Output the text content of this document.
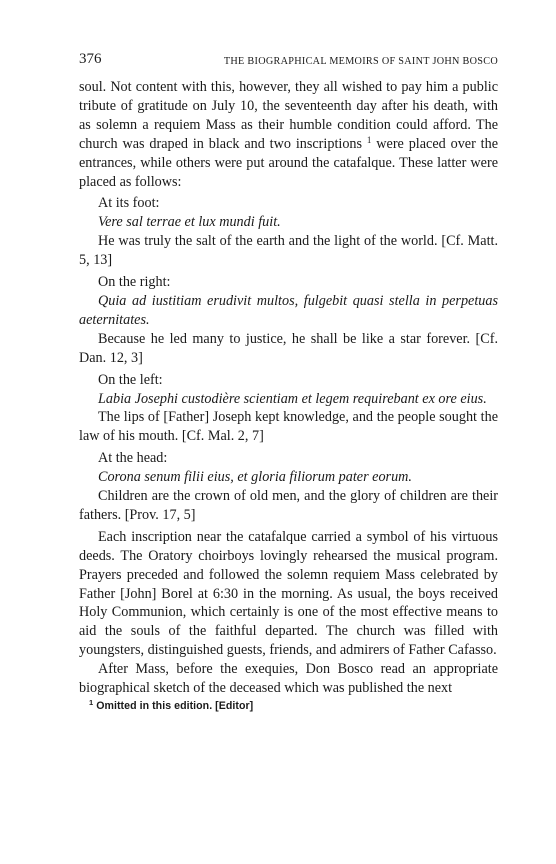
376	THE BIOGRAPHICAL MEMOIRS OF SAINT JOHN BOSCO

soul. Not content with this, however, they all wished to pay him a public tribute of gratitude on July 10, the seventeenth day after his death, with as solemn a requiem Mass as their humble condition could afford. The church was draped in black and two inscriptions $^1$ were placed over the entrances, while others were put around the catafalque. These latter were placed as follows:

At its foot:

Vere sal terrae et lux mundi fuit.

He was truly the salt of the earth and the light of the world. [Cf. Matt. 5, 13]

On the right:

Quia ad iustitiam erudivit multos, fulgebit quasi stella in perpetuas aeternitates.

Because he led many to justice, he shall be like a star forever. [Cf. Dan. 12, 3]

On the left:

Labia Josephi custodière scientiam et legem requirebant ex ore eius.

The lips of [Father] Joseph kept knowledge, and the people sought the law of his mouth. [Cf. Mal. 2, 7]

At the head:

Corona senum filii eius, et gloria filiorum pater eorum.

Children are the crown of old men, and the glory of children are their fathers. [Prov. 17, 5]

Each inscription near the catafalque carried a symbol of his virtuous deeds. The Oratory choirboys lovingly rehearsed the musical program. Prayers preceded and followed the solemn requiem Mass celebrated by Father [John] Borel at 6:30 in the morning. As usual, the boys received Holy Communion, which certainly is one of the most effective means to aid the souls of the faithful departed. The church was filled with youngsters, distinguished guests, friends, and admirers of Father Cafasso.

After Mass, before the exequies, Don Bosco read an appropriate biographical sketch of the deceased which was published the next

$^1$ Omitted in this edition. [Editor]
